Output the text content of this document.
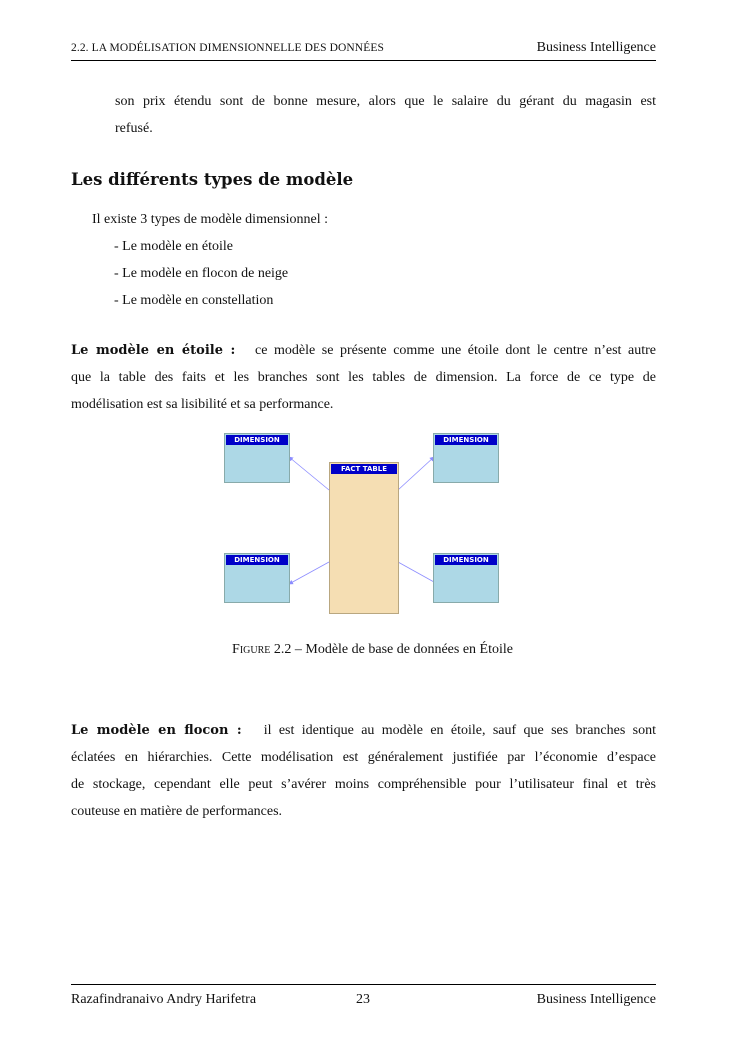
2.2. LA MODÉLISATION DIMENSIONNELLE DES DONNÉES	Business Intelligence
son prix étendu sont de bonne mesure, alors que le salaire du gérant du magasin est
refusé.
Les différents types de modèle
Il existe 3 types de modèle dimensionnel :
- Le modèle en étoile
- Le modèle en flocon de neige
- Le modèle en constellation
Le modèle en étoile : ce modèle se présente comme une étoile dont le centre n’est autre
que la table des faits et les branches sont les tables de dimension. La force de ce type de
modélisation est sa lisibilité et sa performance.
DIMENSION	DIMENSION
FACT TABLE
DIMENSION	DIMENSION
Figure 2.2 – Modèle de base de données en Étoile
Le modèle en flocon : il est identique au modèle en étoile, sauf que ses branches sont
éclatées en hiérarchies. Cette modélisation est généralement justifiée par l’économie d’espace
de stockage, cependant elle peut s’avérer moins compréhensible pour l’utilisateur final et très
couteuse en matière de performances.
Razafindranaivo Andry Harifetra	23	Business Intelligence
